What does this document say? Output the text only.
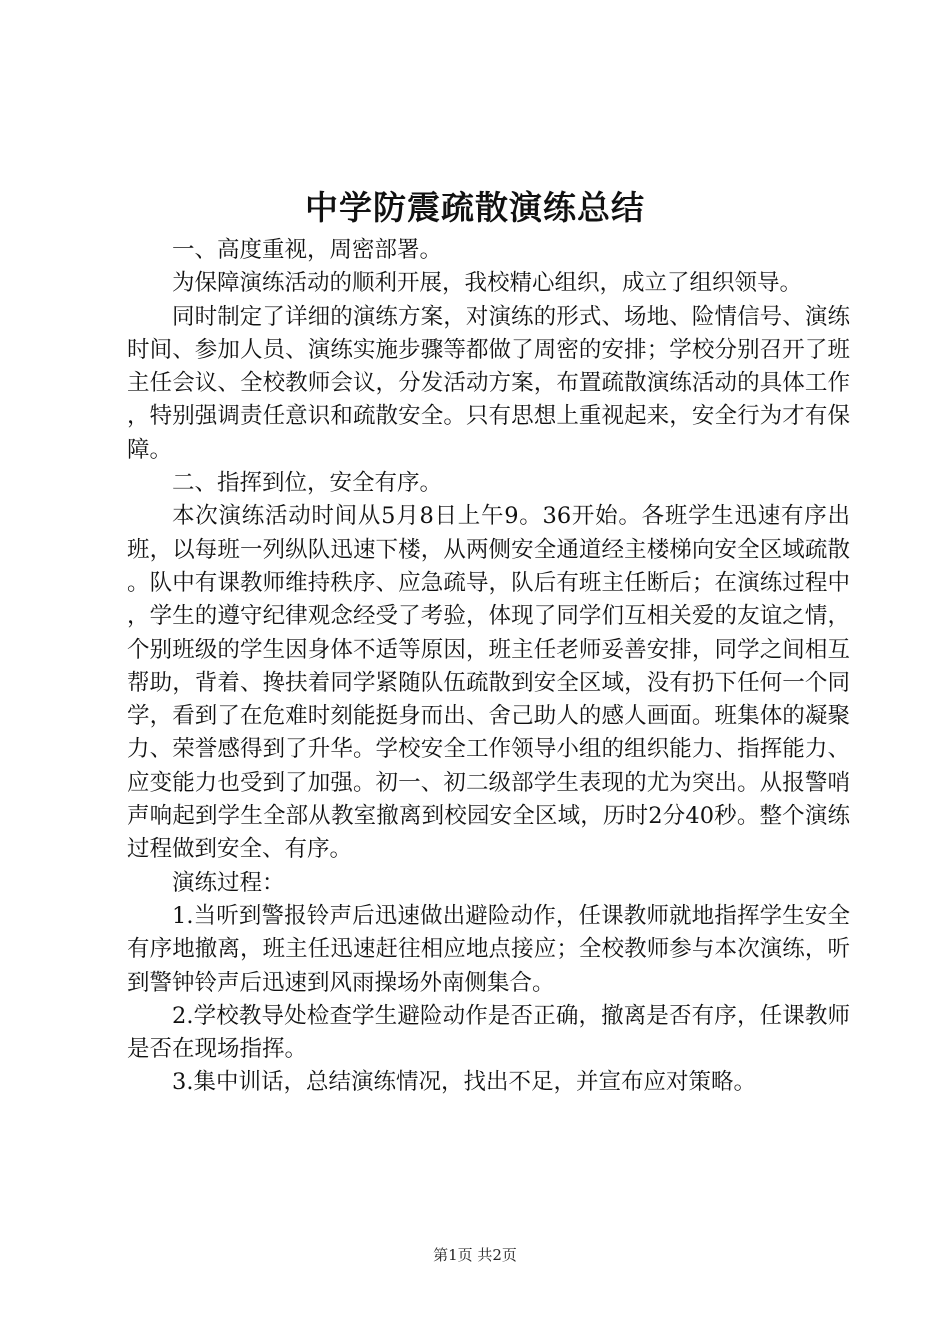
中学防震疏散演练总结

一、高度重视，周密部署。

为保障演练活动的顺利开展，我校精心组织，成立了组织领导。

同时制定了详细的演练方案，对演练的形式、场地、险情信号、演练时间、参加人员、演练实施步骤等都做了周密的安排；学校分别召开了班主任会议、全校教师会议，分发活动方案，布置疏散演练活动的具体工作，特别强调责任意识和疏散安全。只有思想上重视起来，安全行为才有保障。

二、指挥到位，安全有序。

本次演练活动时间从5月8日上午9。36开始。各班学生迅速有序出班，以每班一列纵队迅速下楼，从两侧安全通道经主楼梯向安全区域疏散。队中有课教师维持秩序、应急疏导，队后有班主任断后；在演练过程中，学生的遵守纪律观念经受了考验，体现了同学们互相关爱的友谊之情，个别班级的学生因身体不适等原因，班主任老师妥善安排，同学之间相互帮助，背着、搀扶着同学紧随队伍疏散到安全区域，没有扔下任何一个同学，看到了在危难时刻能挺身而出、舍己助人的感人画面。班集体的凝聚力、荣誉感得到了升华。学校安全工作领导小组的组织能力、指挥能力、应变能力也受到了加强。初一、初二级部学生表现的尤为突出。从报警哨声响起到学生全部从教室撤离到校园安全区域，历时2分40秒。整个演练过程做到安全、有序。

演练过程：

1.当听到警报铃声后迅速做出避险动作，任课教师就地指挥学生安全有序地撤离，班主任迅速赶往相应地点接应；全校教师参与本次演练，听到警钟铃声后迅速到风雨操场外南侧集合。

2.学校教导处检查学生避险动作是否正确，撤离是否有序，任课教师是否在现场指挥。

3.集中训话，总结演练情况，找出不足，并宣布应对策略。

第1页 共2页
